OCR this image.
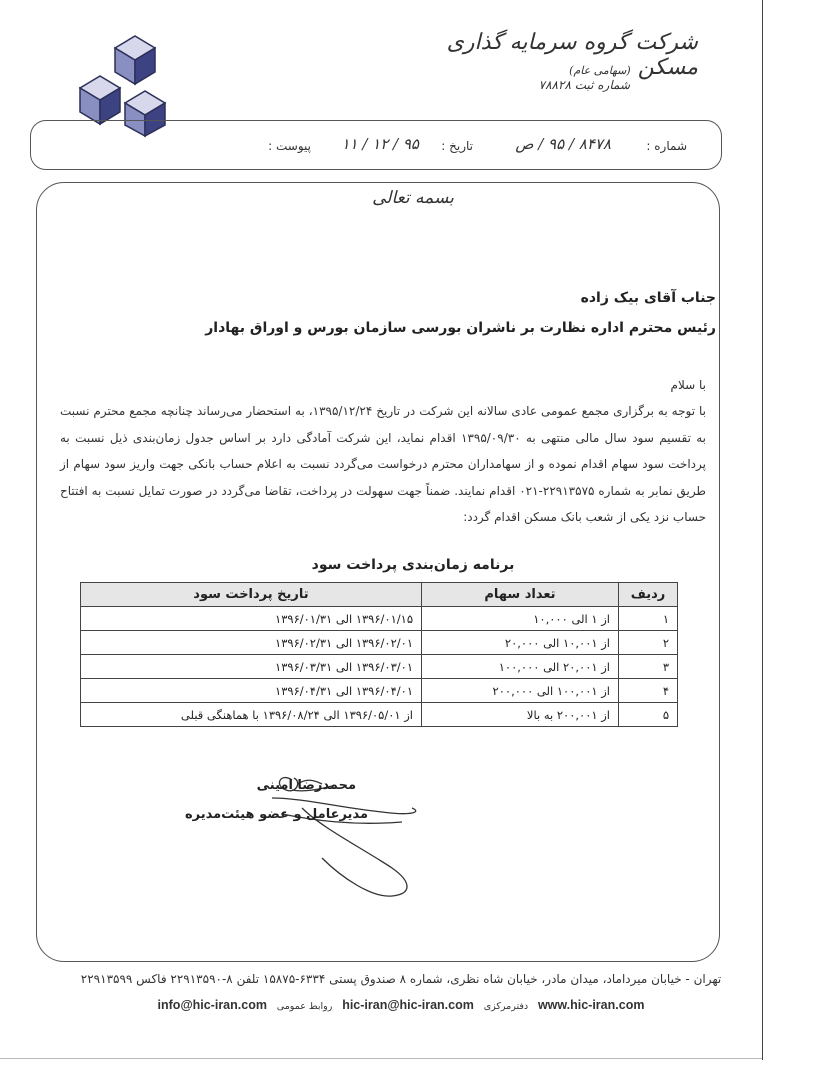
شرکت گروه سرمایه گذاری مسکن (سهامی عام)
شماره ثبت ۷۸۸۲۸
شماره :
۸۴۷۸ / ۹۵ / ص
تاریخ :
۹۵ / ۱۲ / ۱۱
پیوست :
بسمه تعالی
جناب آقای بیک زاده
رئیس محترم اداره نظارت بر ناشران بورسی سازمان بورس و اوراق بهادار
با سلام
با توجه به برگزاری مجمع عمومی عادی سالانه این شرکت در تاریخ ۱۳۹۵/۱۲/۲۴، به استحضار می‌رساند چنانچه مجمع محترم نسبت به تقسیم سود سال مالی منتهی به ۱۳۹۵/۰۹/۳۰ اقدام نماید، این شرکت آمادگی دارد بر اساس جدول زمان‌بندی ذیل نسبت به پرداخت سود سهام اقدام نموده و از سهامداران محترم درخواست می‌گردد نسبت به اعلام حساب بانکی جهت واریز سود سهام از طریق نمابر به شماره ۲۲۹۱۳۵۷۵-۰۲۱ اقدام نمایند. ضمناً جهت سهولت در پرداخت، تقاضا می‌گردد در صورت تمایل نسبت به افتتاح حساب نزد یکی از شعب بانک مسکن اقدام گردد:
برنامه زمان‌بندی پرداخت سود
ردیف	تعداد سهام	تاریخ پرداخت سود
۱	از ۱ الی ۱۰,۰۰۰	۱۳۹۶/۰۱/۱۵ الی ۱۳۹۶/۰۱/۳۱
۲	از ۱۰,۰۰۱ الی ۲۰,۰۰۰	۱۳۹۶/۰۲/۰۱ الی ۱۳۹۶/۰۲/۳۱
۳	از ۲۰,۰۰۱ الی ۱۰۰,۰۰۰	۱۳۹۶/۰۳/۰۱ الی ۱۳۹۶/۰۳/۳۱
۴	از ۱۰۰,۰۰۱ الی ۲۰۰,۰۰۰	۱۳۹۶/۰۴/۰۱ الی ۱۳۹۶/۰۴/۳۱
۵	از ۲۰۰,۰۰۱ به بالا	از ۱۳۹۶/۰۵/۰۱ الی ۱۳۹۶/۰۸/۲۴ با هماهنگی قبلی
محمدرضا امینی
مدیرعامل و عضو هیئت‌مدیره
تهران - خیابان میرداماد، میدان مادر، خیابان شاه نظری، شماره ۸ صندوق پستی ۶۳۳۴-۱۵۸۷۵ تلفن ۸-۲۲۹۱۳۵۹۰ فاکس ۲۲۹۱۳۵۹۹
info@hic-iran.com روابط عمومی hic-iran@hic-iran.com دفترمرکزی www.hic-iran.com
